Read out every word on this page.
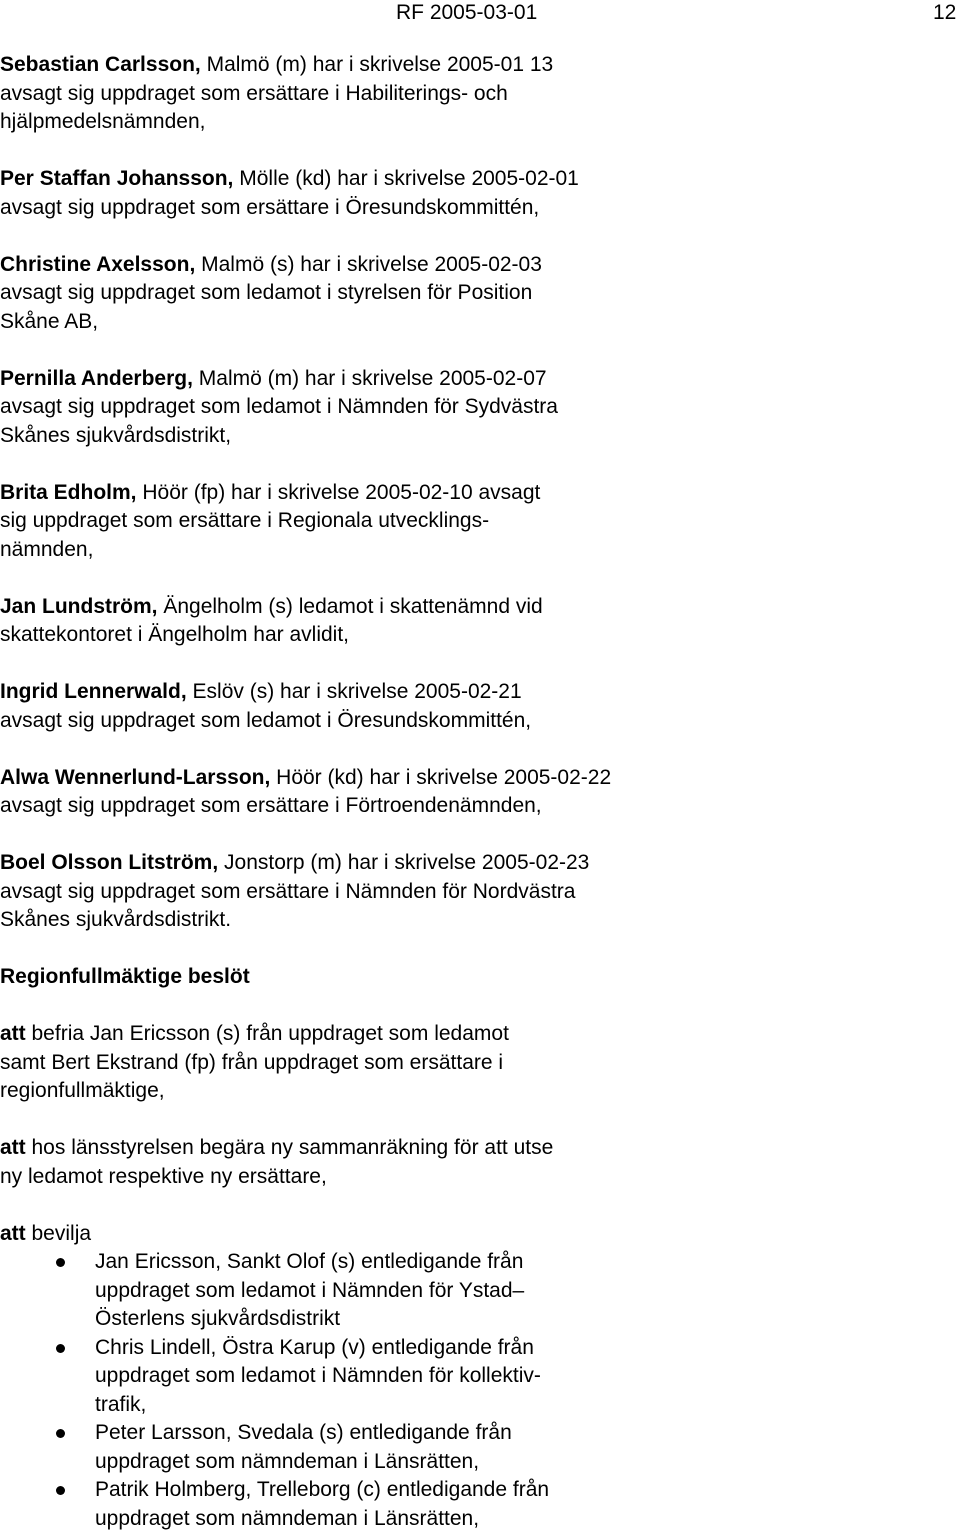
RF 2005-03-01	12
Sebastian Carlsson, Malmö (m) har i skrivelse 2005-01 13
avsagt sig uppdraget som ersättare i Habiliterings- och
hjälpmedelsnämnden,
Per Staffan Johansson, Mölle (kd) har i skrivelse 2005-02-01
avsagt sig uppdraget som ersättare i Öresundskommittén,
Christine Axelsson, Malmö (s) har i skrivelse 2005-02-03
avsagt sig uppdraget som ledamot i styrelsen för Position
Skåne AB,
Pernilla Anderberg, Malmö (m) har i skrivelse 2005-02-07
avsagt sig uppdraget som ledamot i Nämnden för Sydvästra
Skånes sjukvårdsdistrikt,
Brita Edholm, Höör (fp) har i skrivelse 2005-02-10 avsagt
sig uppdraget som ersättare i Regionala utvecklings-
nämnden,
Jan Lundström, Ängelholm (s) ledamot i skattenämnd vid
skattekontoret i Ängelholm har avlidit,
Ingrid Lennerwald, Eslöv (s) har i skrivelse 2005-02-21
avsagt sig uppdraget som ledamot i Öresundskommittén,
Alwa Wennerlund-Larsson, Höör (kd) har i skrivelse 2005-02-22
avsagt sig uppdraget som ersättare i Förtroendenämnden,
Boel Olsson Litström, Jonstorp (m) har i skrivelse 2005-02-23
avsagt sig uppdraget som ersättare i Nämnden för Nordvästra
Skånes sjukvårdsdistrikt.
Regionfullmäktige beslöt
att befria Jan Ericsson (s) från uppdraget som ledamot
samt Bert Ekstrand (fp) från uppdraget som ersättare i
regionfullmäktige,
att hos länsstyrelsen begära ny sammanräkning för att utse
ny ledamot respektive ny ersättare,
att bevilja
Jan Ericsson, Sankt Olof (s) entledigande från
uppdraget som ledamot i Nämnden för Ystad–
Österlens sjukvårdsdistrikt
Chris Lindell, Östra Karup (v) entledigande från
uppdraget som ledamot i Nämnden för kollektiv-
trafik,
Peter Larsson, Svedala (s) entledigande från
uppdraget som nämndeman i Länsrätten,
Patrik Holmberg, Trelleborg (c) entledigande från
uppdraget som nämndeman i Länsrätten,
